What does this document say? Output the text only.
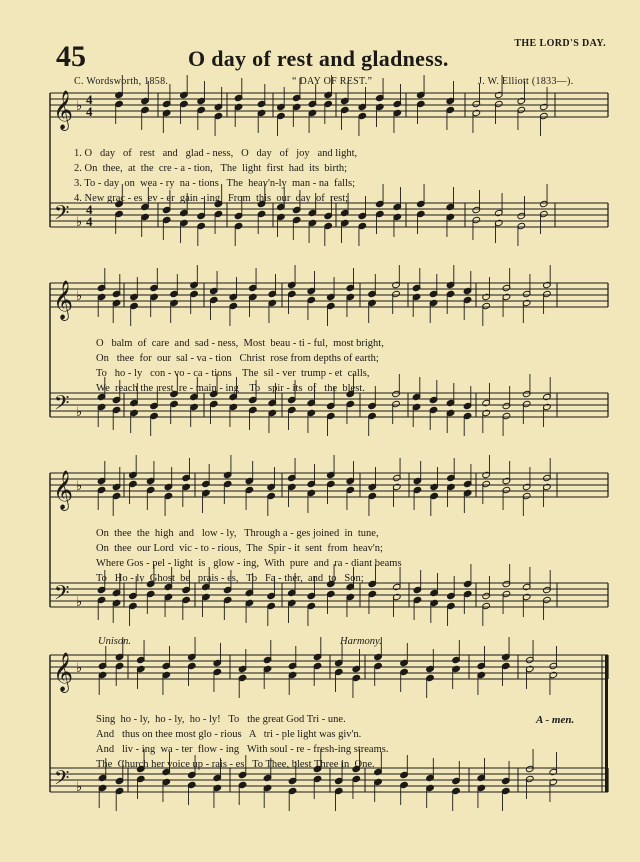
45	O day of rest and gladness.
THE LORD'S DAY.
C. Wordsworth, 1858.	“ DAY OF REST.”	J. W. Elliott (1833—).
𝄞
𝄢
♭
♭
4
4
4
4
𝄞
𝄢
♭
♭
𝄞
𝄢
♭
♭
𝄞
𝄢
♭
♭
1. O   day   of   rest   and   glad - ness,   O   day   of   joy   and light,
2. On  thee,  at  the  cre - a - tion,   The  light  first  had  its  birth;
3. To - day  on  wea - ry  na - tions   The  heav'n-ly  man - na  falls;
4. New grac - es  ev - er  gain - ing   From  this  our  day  of  rest;
O   balm  of  care  and  sad - ness,  Most  beau - ti - ful,  most bright,
On   thee  for  our  sal - va - tion   Christ  rose from depths of earth;
To   ho - ly   con - vo - ca - tions    The  sil - ver  trump - et  calls,
We  reach the  rest  re - main - ing    To   spir - its  of   the  blest.
On  thee  the  high  and   low - ly,   Through a - ges joined  in  tune,
On  thee  our Lord  vic - to - rious,  The  Spir - it  sent  from  heav'n;
Where Gos - pel - light  is   glow - ing,  With  pure  and  ra - diant beams
To   Ho - ly  Ghost  be   prais - es,   To   Fa - ther,  and  to   Son;
Sing  ho - ly,  ho - ly,  ho - ly!   To   the great God Tri - une.
And   thus on thee most glo - rious   A   tri - ple light was giv'n.
And   liv - ing  wa - ter  flow - ing   With soul - re - fresh-ing streams.
The  Church her voice up - rais - es   To Thee, blest Three in  One.
Unison.	Harmony.
A - men.
